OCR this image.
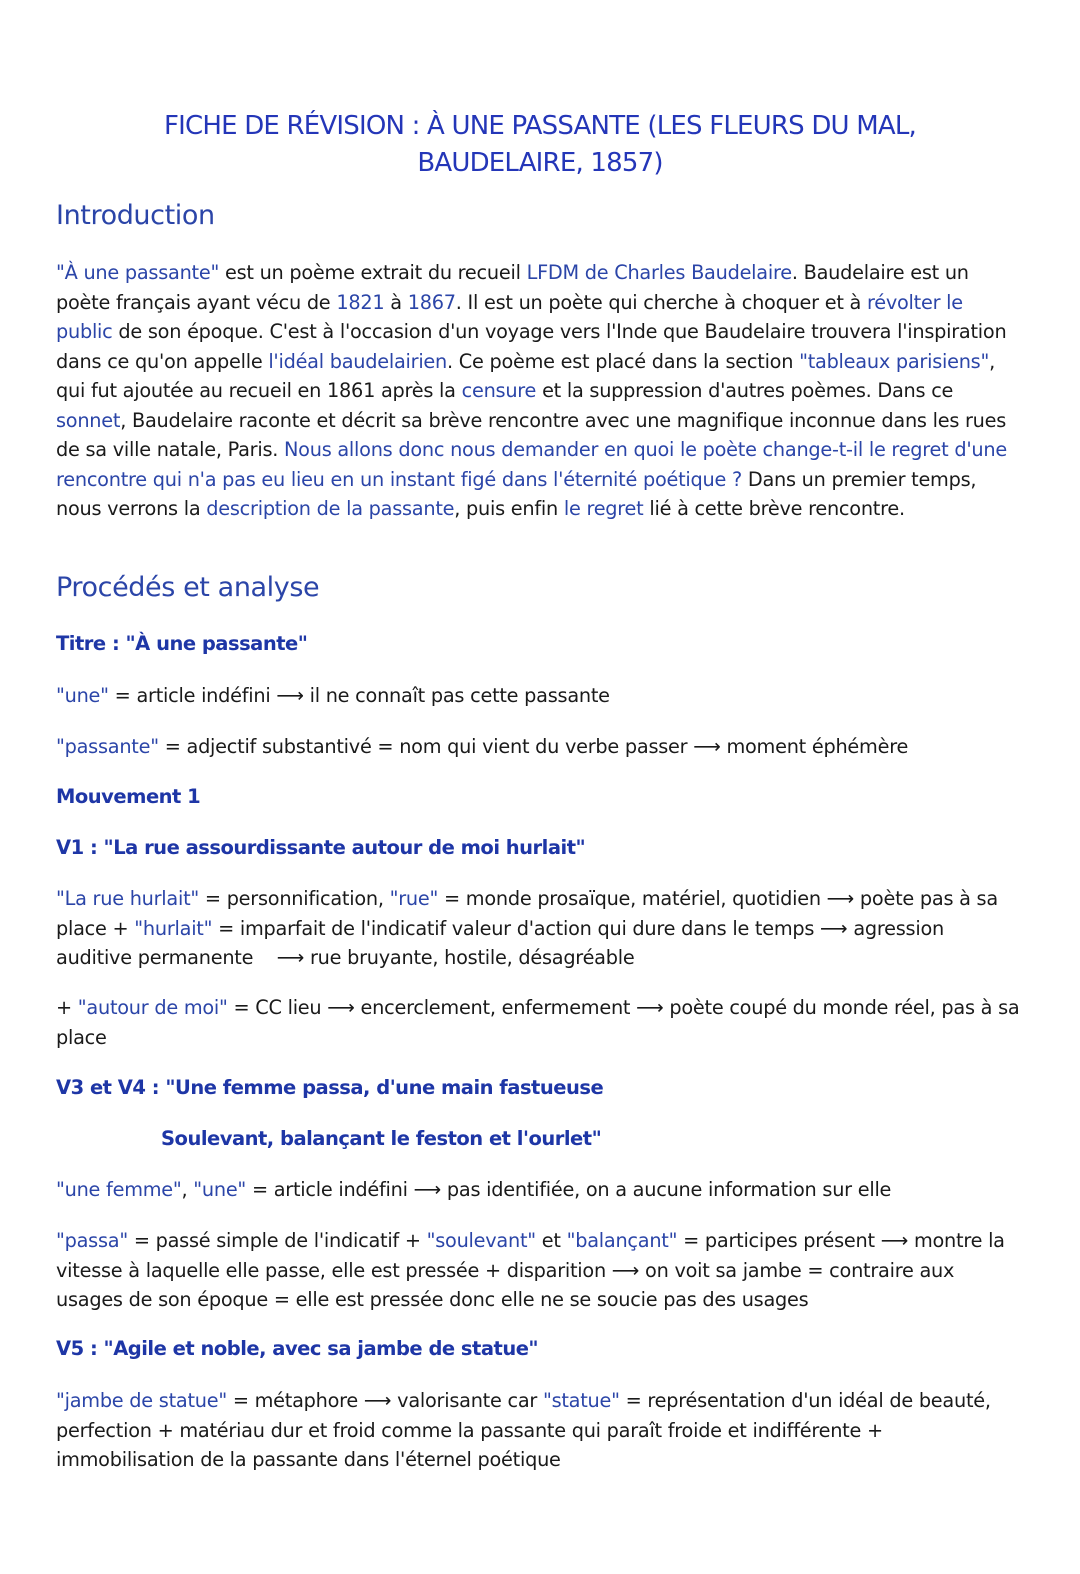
FICHE DE RÉVISION : À UNE PASSANTE (LES FLEURS DU MAL,
BAUDELAIRE, 1857)
Introduction
"À une passante" est un poème extrait du recueil LFDM de Charles Baudelaire. Baudelaire est un poète français ayant vécu de 1821 à 1867. Il est un poète qui cherche à choquer et à révolter le public de son époque. C'est à l'occasion d'un voyage vers l'Inde que Baudelaire trouvera l'inspiration dans ce qu'on appelle l'idéal baudelairien. Ce poème est placé dans la section "tableaux parisiens", qui fut ajoutée au recueil en 1861 après la censure et la suppression d'autres poèmes. Dans ce sonnet, Baudelaire raconte et décrit sa brève rencontre avec une magnifique inconnue dans les rues de sa ville natale, Paris. Nous allons donc nous demander en quoi le poète change-t-il le regret d'une rencontre qui n'a pas eu lieu en un instant figé dans l'éternité poétique ? Dans un premier temps, nous verrons la description de la passante, puis enfin le regret lié à cette brève rencontre.
Procédés et analyse
Titre : "À une passante"
"une" = article indéfini ⟶ il ne connaît pas cette passante
"passante" = adjectif substantivé = nom qui vient du verbe passer ⟶ moment éphémère
Mouvement 1
V1 : "La rue assourdissante autour de moi hurlait"
"La rue hurlait" = personnification, "rue" = monde prosaïque, matériel, quotidien ⟶ poète pas à sa place + "hurlait" = imparfait de l'indicatif valeur d'action qui dure dans le temps ⟶ agression auditive permanente    ⟶ rue bruyante, hostile, désagréable
+ "autour de moi" = CC lieu ⟶ encerclement, enfermement ⟶ poète coupé du monde réel, pas à sa place
V3 et V4 : "Une femme passa, d'une main fastueuse
Soulevant, balançant le feston et l'ourlet"
"une femme", "une" = article indéfini ⟶ pas identifiée, on a aucune information sur elle
"passa" = passé simple de l'indicatif + "soulevant" et "balançant" = participes présent ⟶ montre la vitesse à laquelle elle passe, elle est pressée + disparition ⟶ on voit sa jambe = contraire aux usages de son époque = elle est pressée donc elle ne se soucie pas des usages
V5 : "Agile et noble, avec sa jambe de statue"
"jambe de statue" = métaphore ⟶ valorisante car "statue" = représentation d'un idéal de beauté, perfection + matériau dur et froid comme la passante qui paraît froide et indifférente + immobilisation de la passante dans l'éternel poétique
